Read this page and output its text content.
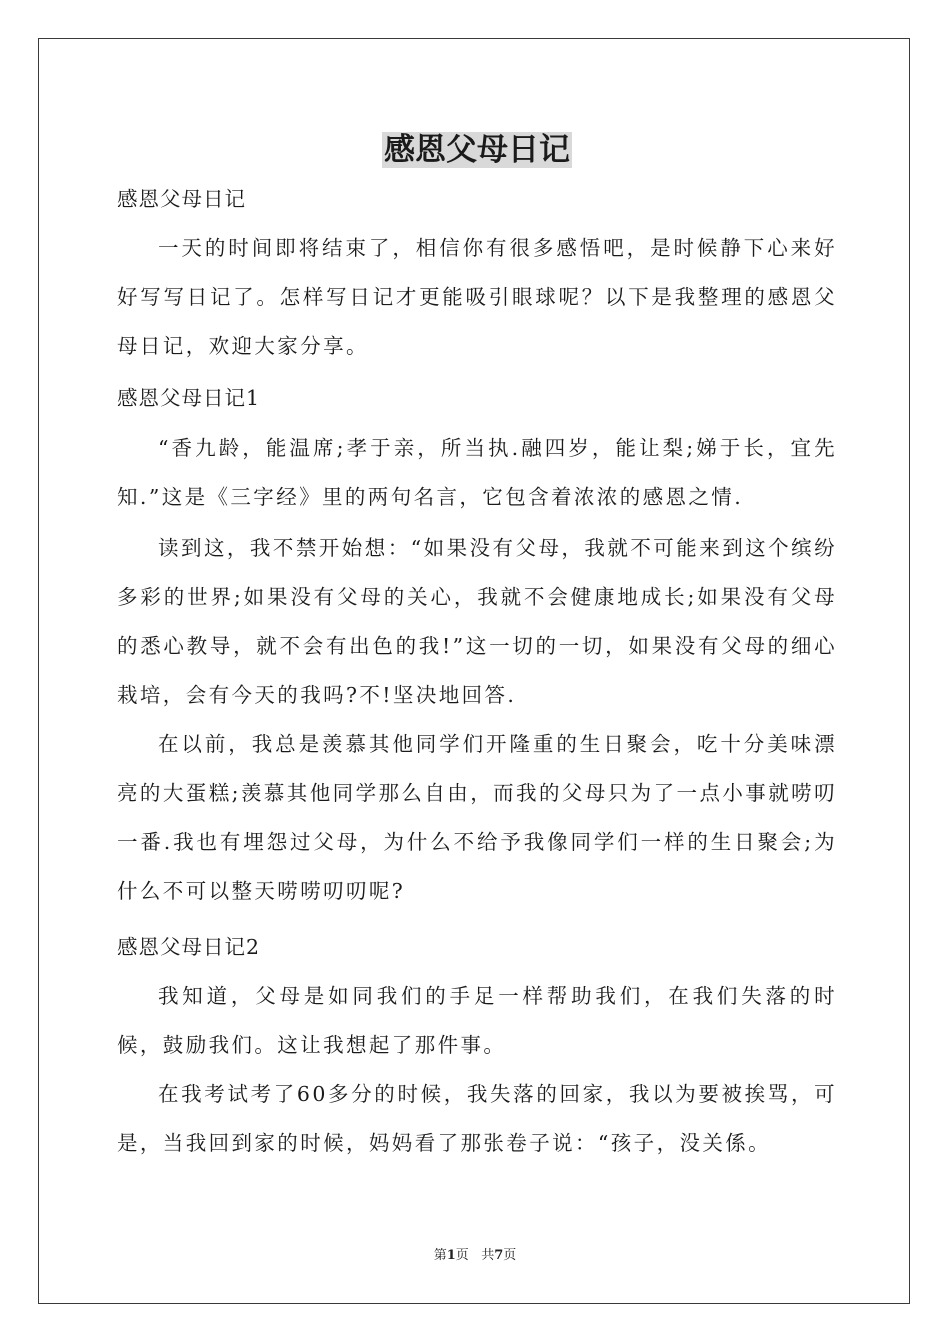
感恩父母日记
感恩父母日记

一天的时间即将结束了，相信你有很多感悟吧，是时候静下心来好好写写日记了。怎样写日记才更能吸引眼球呢？以下是我整理的感恩父母日记，欢迎大家分享。

感恩父母日记1

“香九龄，能温席;孝于亲，所当执.融四岁，能让梨;娣于长，宜先知.”这是《三字经》里的两句名言，它包含着浓浓的感恩之情.

读到这，我不禁开始想：“如果没有父母，我就不可能来到这个缤纷多彩的世界;如果没有父母的关心，我就不会健康地成长;如果没有父母的悉心教导，就不会有出色的我!”这一切的一切，如果没有父母的细心栽培，会有今天的我吗?不!坚决地回答.

在以前，我总是羡慕其他同学们开隆重的生日聚会，吃十分美味漂亮的大蛋糕;羡慕其他同学那么自由，而我的父母只为了一点小事就唠叨一番.我也有埋怨过父母，为什么不给予我像同学们一样的生日聚会;为什么不可以整天唠唠叨叨呢?

感恩父母日记2

我知道，父母是如同我们的手足一样帮助我们，在我们失落的时候，鼓励我们。这让我想起了那件事。

在我考试考了60多分的时候，我失落的回家，我以为要被挨骂，可是，当我回到家的时候，妈妈看了那张卷子说：“孩子，没关係。

第1页 共7页
